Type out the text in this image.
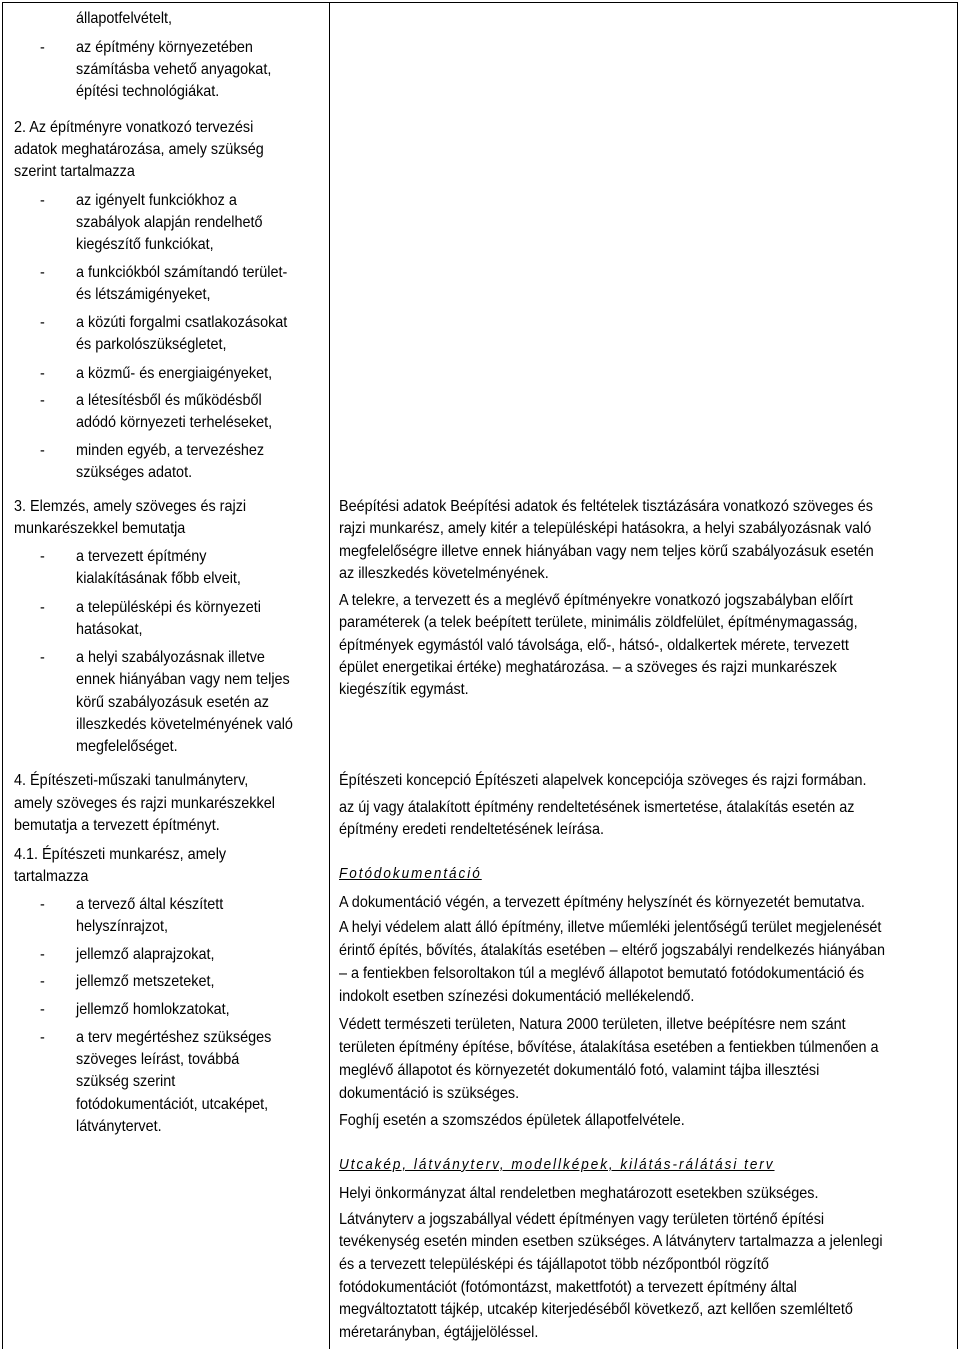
állapotfelvételt,
- az építmény környezetében
számításba vehető anyagokat,
építési technológiákat.
2. Az építményre vonatkozó tervezési
adatok meghatározása, amely szükség
szerint tartalmazza
- az igényelt funkciókhoz a
szabályok alapján rendelhető
kiegészítő funkciókat,
- a funkciókból számítandó terület-
és létszámigényeket,
- a közúti forgalmi csatlakozásokat
és parkolószükségletet,
- a közmű- és energiaigényeket,
- a létesítésből és működésből
adódó környezeti terheléseket,
- minden egyéb, a tervezéshez
szükséges adatot.
3. Elemzés, amely szöveges és rajzi
munkarészekkel bemutatja
- a tervezett építmény
kialakításának főbb elveit,
- a településképi és környezeti
hatásokat,
- a helyi szabályozásnak illetve
ennek hiányában vagy nem teljes
körű szabályozásuk esetén az
illeszkedés követelményének való
megfelelőséget.
4. Építészeti-műszaki tanulmányterv,
amely szöveges és rajzi munkarészekkel
bemutatja a tervezett építményt.
4.1. Építészeti munkarész, amely
tartalmazza
- a tervező által készített
helyszínrajzot,
- jellemző alaprajzokat,
- jellemző metszeteket,
- jellemző homlokzatokat,
- a terv megértéshez szükséges
szöveges leírást, továbbá
szükség szerint
fotódokumentációt, utcaképet,
látványtervet.
Beépítési adatok Beépítési adatok és feltételek tisztázására vonatkozó szöveges és
rajzi munkarész, amely kitér a településképi hatásokra, a helyi szabályozásnak való
megfelelőségre illetve ennek hiányában vagy nem teljes körű szabályozásuk esetén
az illeszkedés követelményének.
A telekre, a tervezett és a meglévő építményekre vonatkozó jogszabályban előírt
paraméterek (a telek beépített területe, minimális zöldfelület, építménymagasság,
építmények egymástól való távolsága, elő-, hátsó-, oldalkertek mérete, tervezett
épület energetikai értéke) meghatározása. – a szöveges és rajzi munkarészek
kiegészítik egymást.
Építészeti koncepció Építészeti alapelvek koncepciója szöveges és rajzi formában.
az új vagy átalakított építmény rendeltetésének ismertetése, átalakítás esetén az
építmény eredeti rendeltetésének leírása.
Fotódokumentáció
A dokumentáció végén, a tervezett építmény helyszínét és környezetét bemutatva.
A helyi védelem alatt álló építmény, illetve műemléki jelentőségű terület megjelenését
érintő építés, bővítés, átalakítás esetében – eltérő jogszabályi rendelkezés hiányában
– a fentiekben felsoroltakon túl a meglévő állapotot bemutató fotódokumentáció és
indokolt esetben színezési dokumentáció mellékelendő.
Védett természeti területen, Natura 2000 területen, illetve beépítésre nem szánt
területen építmény építése, bővítése, átalakítása esetében a fentiekben túlmenően a
meglévő állapotot és környezetét dokumentáló fotó, valamint tájba illesztési
dokumentáció is szükséges.
Foghíj esetén a szomszédos épületek állapotfelvétele.
Utcakép, látványterv, modellképek, kilátás-rálátási terv
Helyi önkormányzat által rendeletben meghatározott esetekben szükséges.
Látványterv a jogszabállyal védett építményen vagy területen történő építési
tevékenység esetén minden esetben szükséges. A látványterv tartalmazza a jelenlegi
és a tervezett településképi és tájállapotot több nézőpontból rögzítő
fotódokumentációt (fotómontázst, makettfotót) a tervezett építmény által
megváltoztatott tájkép, utcakép kiterjedéséből következő, azt kellően szemléltető
méretarányban, égtájjelöléssel.
